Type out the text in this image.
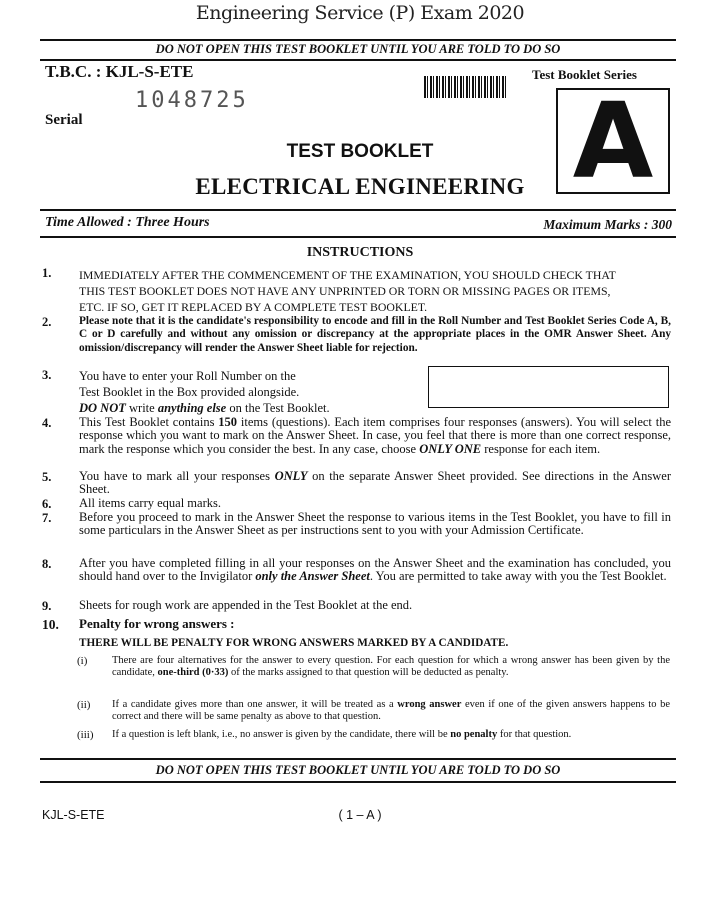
Engineering Service (P) Exam 2020
DO NOT OPEN THIS TEST BOOKLET UNTIL YOU ARE TOLD TO DO SO
T.B.C. : KJL-S-ETE
1048725
Serial
Test Booklet Series
A
TEST BOOKLET
ELECTRICAL ENGINEERING
Time Allowed : Three Hours	Maximum Marks : 300
INSTRUCTIONS
1. IMMEDIATELY AFTER THE COMMENCEMENT OF THE EXAMINATION, YOU SHOULD CHECK THAT
THIS TEST BOOKLET DOES NOT HAVE ANY UNPRINTED OR TORN OR MISSING PAGES OR ITEMS,
ETC. IF SO, GET IT REPLACED BY A COMPLETE TEST BOOKLET.
2. Please note that it is the candidate's responsibility to encode and fill in the Roll Number and Test Booklet Series Code A, B, C or D carefully and without any omission or discrepancy at the appropriate places in the OMR Answer Sheet. Any omission/discrepancy will render the Answer Sheet liable for rejection.
3. You have to enter your Roll Number on the
Test Booklet in the Box provided alongside.
DO NOT write anything else on the Test Booklet.
4. This Test Booklet contains 150 items (questions). Each item comprises four responses (answers). You will select the response which you want to mark on the Answer Sheet. In case, you feel that there is more than one correct response, mark the response which you consider the best. In any case, choose ONLY ONE response for each item.
5. You have to mark all your responses ONLY on the separate Answer Sheet provided. See directions in the Answer Sheet.
6. All items carry equal marks.
7. Before you proceed to mark in the Answer Sheet the response to various items in the Test Booklet, you have to fill in some particulars in the Answer Sheet as per instructions sent to you with your Admission Certificate.
8. After you have completed filling in all your responses on the Answer Sheet and the examination has concluded, you should hand over to the Invigilator only the Answer Sheet. You are permitted to take away with you the Test Booklet.
9. Sheets for rough work are appended in the Test Booklet at the end.
10. Penalty for wrong answers :
THERE WILL BE PENALTY FOR WRONG ANSWERS MARKED BY A CANDIDATE.
(i) There are four alternatives for the answer to every question. For each question for which a wrong answer has been given by the candidate, one-third (0·33) of the marks assigned to that question will be deducted as penalty.
(ii) If a candidate gives more than one answer, it will be treated as a wrong answer even if one of the given answers happens to be correct and there will be same penalty as above to that question.
(iii) If a question is left blank, i.e., no answer is given by the candidate, there will be no penalty for that question.
DO NOT OPEN THIS TEST BOOKLET UNTIL YOU ARE TOLD TO DO SO
KJL-S-ETE	( 1 – A )
